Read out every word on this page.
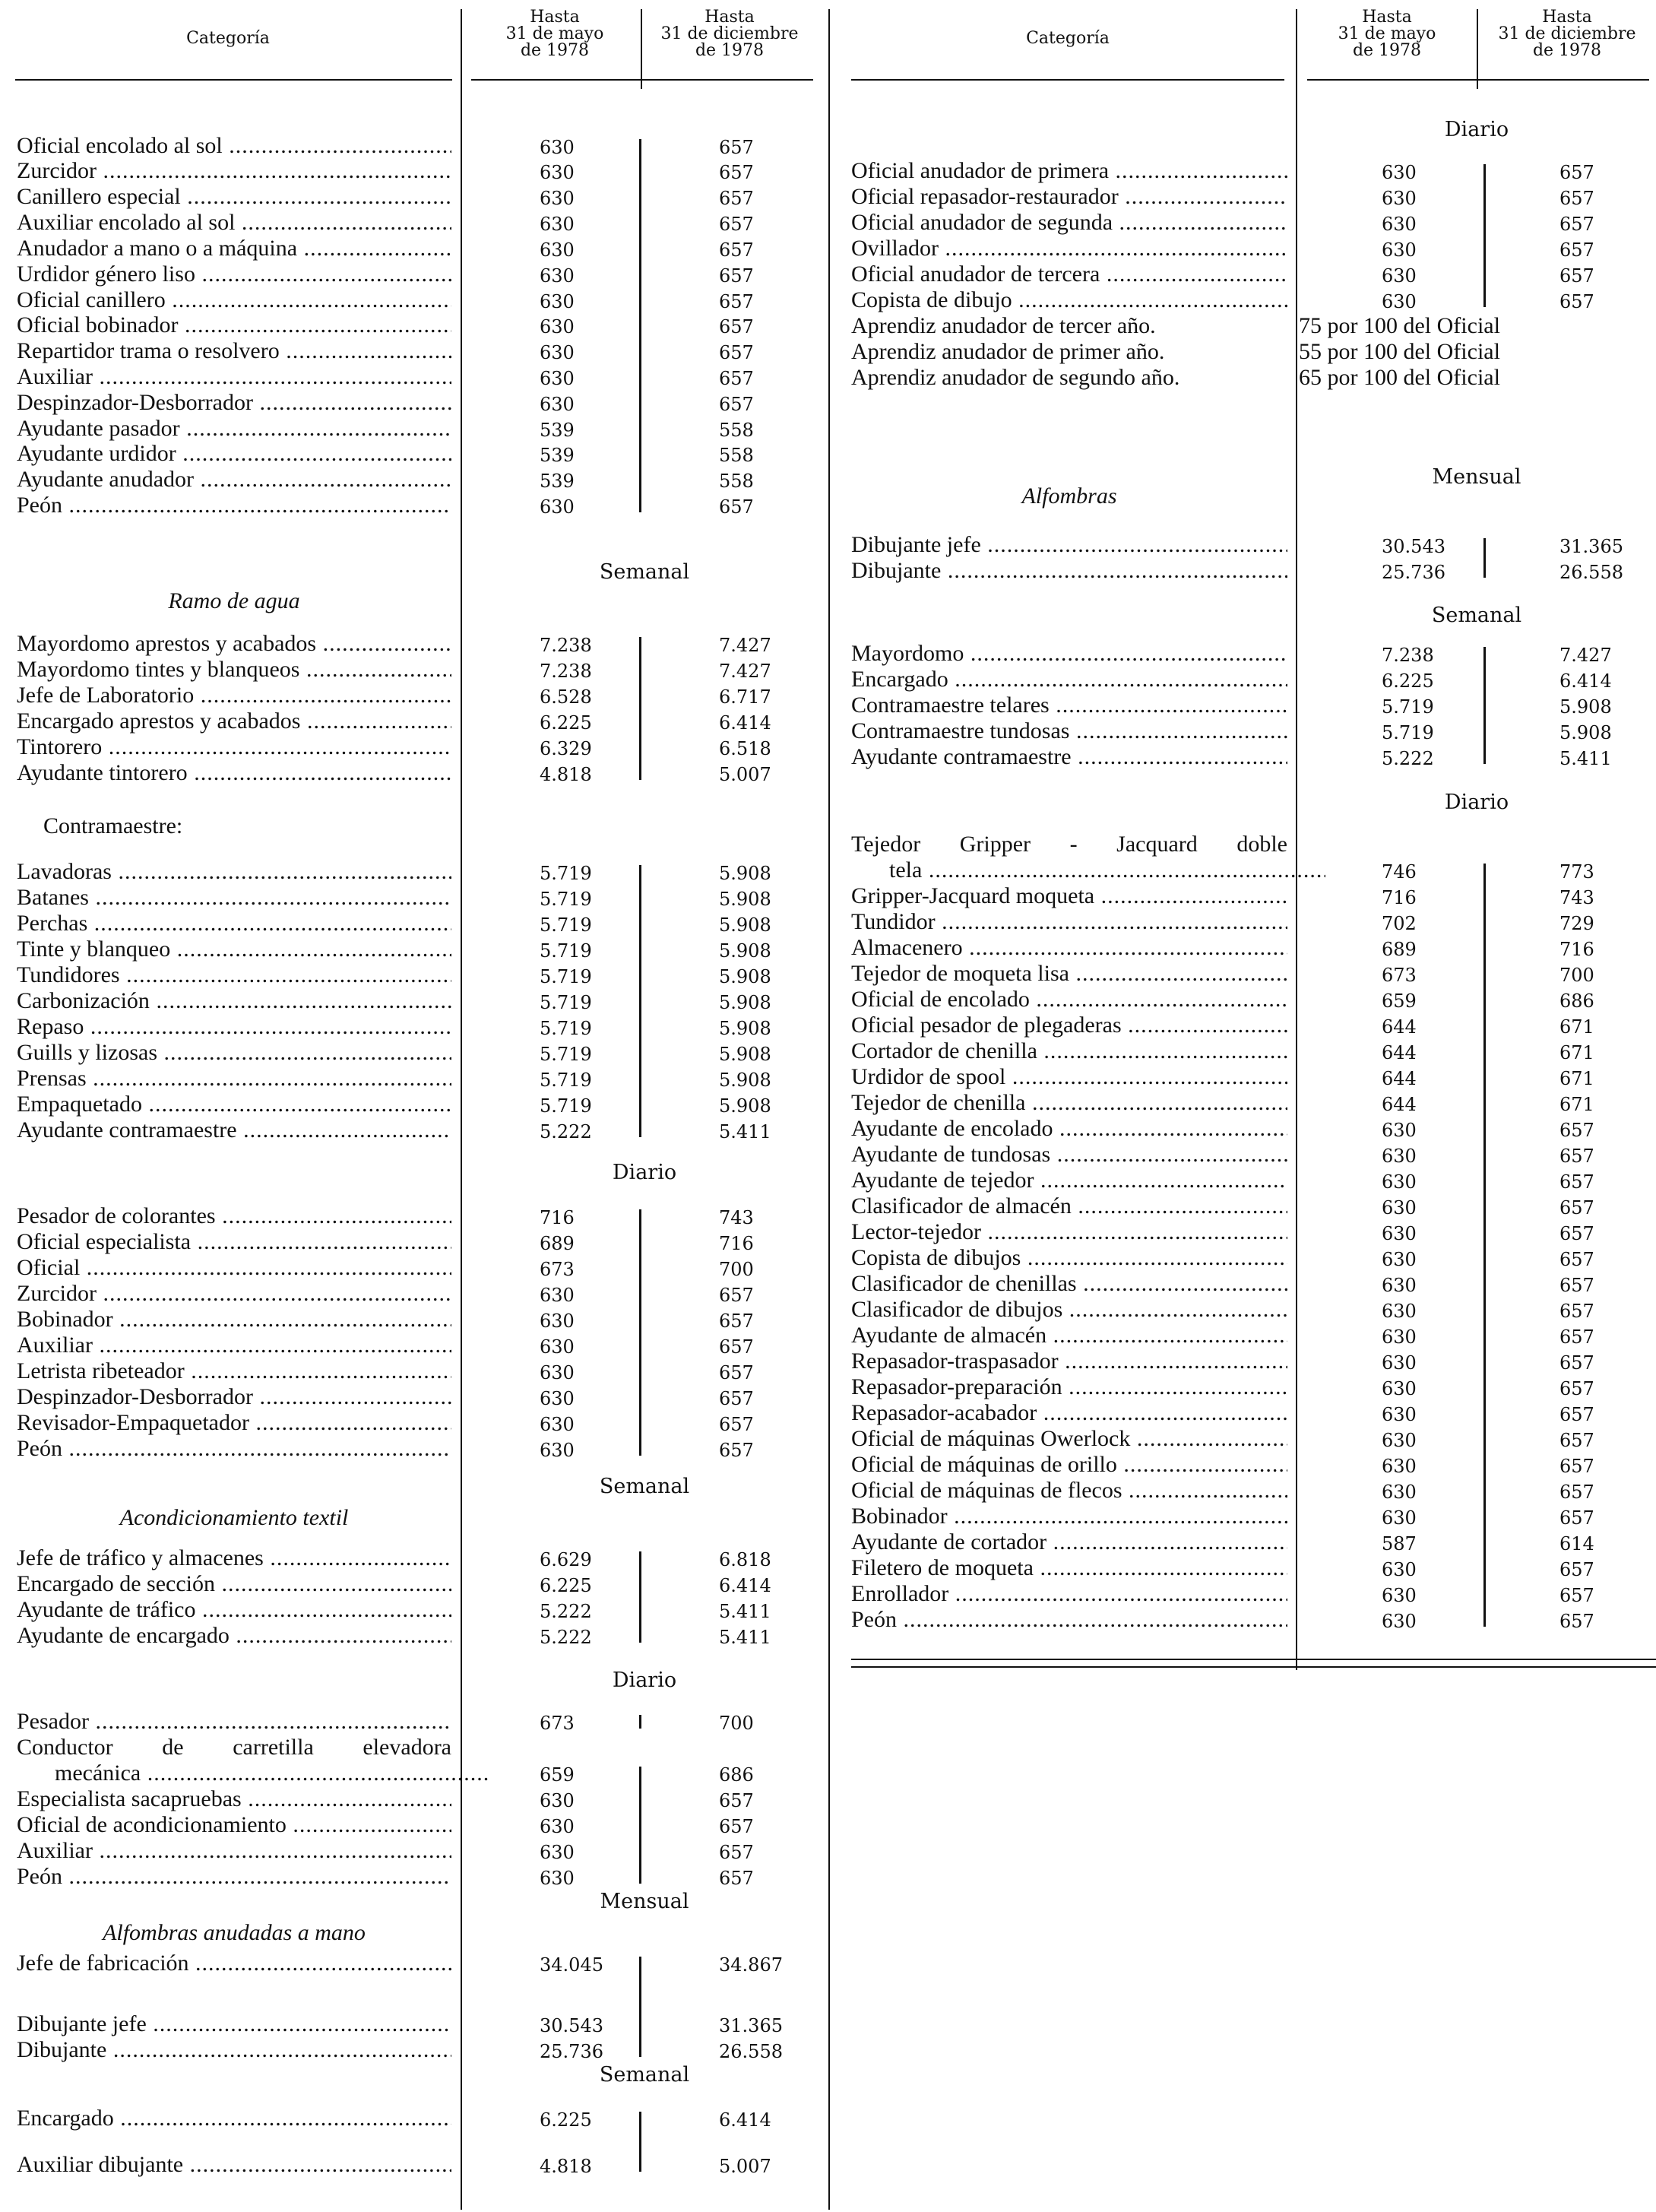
Categoría
Hasta
31 de mayo
de 1978
Hasta
31 de diciembre
de 1978
Categoría
Hasta
31 de mayo
de 1978
Hasta
31 de diciembre
de 1978
Oficial encolado al sol .....	630	657
Zurcidor .....	630	657
Canillero especial .....	630	657
Auxiliar encolado al sol .....	630	657
Anudador a mano o a máquina .....	630	657
Urdidor género liso .....	630	657
Oficial canillero .....	630	657
Oficial bobinador .....	630	657
Repartidor trama o resolvero .....	630	657
Auxiliar .....	630	657
Despinzador-Desborrador .....	630	657
Ayudante pasador .....	539	558
Ayudante urdidor .....	539	558
Ayudante anudador .....	539	558
Peón .....	630	657
Semanal
Ramo de agua
Mayordomo aprestos y acabados .....	7.238	7.427
Mayordomo tintes y blanqueos .....	7.238	7.427
Jefe de Laboratorio .....	6.528	6.717
Encargado aprestos y acabados .....	6.225	6.414
Tintorero .....	6.329	6.518
Ayudante tintorero .....	4.818	5.007
Contramaestre:
Lavadoras .....	5.719	5.908
Batanes .....	5.719	5.908
Perchas .....	5.719	5.908
Tinte y blanqueo .....	5.719	5.908
Tundidores .....	5.719	5.908
Carbonización .....	5.719	5.908
Repaso .....	5.719	5.908
Guills y lizosas .....	5.719	5.908
Prensas .....	5.719	5.908
Empaquetado .....	5.719	5.908
Ayudante contramaestre .....	5.222	5.411
Diario
Pesador de colorantes .....	716	743
Oficial especialista .....	689	716
Oficial .....	673	700
Zurcidor .....	630	657
Bobinador .....	630	657
Auxiliar .....	630	657
Letrista ribeteador .....	630	657
Despinzador-Desborrador .....	630	657
Revisador-Empaquetador .....	630	657
Peón .....	630	657
Semanal
Acondicionamiento textil
Jefe de tráfico y almacenes .....	6.629	6.818
Encargado de sección .....	6.225	6.414
Ayudante de tráfico .....	5.222	5.411
Ayudante de encargado .....	5.222	5.411
Diario
Pesador .....	673	700
Conductor de carretilla elevadora
mecánica .....	659	686
Especialista sacapruebas .....	630	657
Oficial de acondicionamiento .....	630	657
Auxiliar .....	630	657
Peón .....	630	657
Mensual
Alfombras anudadas a mano
Jefe de fabricación .....	34.045	34.867
Dibujante jefe .....	30.543	31.365
Dibujante .....	25.736	26.558
Semanal
Encargado .....	6.225	6.414
Auxiliar dibujante .....	4.818	5.007
Diario
Oficial anudador de primera .....	630	657
Oficial repasador-restaurador .....	630	657
Oficial anudador de segunda .....	630	657
Ovillador .....	630	657
Oficial anudador de tercera .....	630	657
Copista de dibujo .....	630	657
Aprendiz anudador de tercer año.	75 por 100 del Oficial
Aprendiz anudador de primer año.	55 por 100 del Oficial
Aprendiz anudador de segundo año.	65 por 100 del Oficial
Mensual
Alfombras
Dibujante jefe .....	30.543	31.365
Dibujante .....	25.736	26.558
Semanal
Mayordomo .....	7.238	7.427
Encargado .....	6.225	6.414
Contramaestre telares .....	5.719	5.908
Contramaestre tundosas .....	5.719	5.908
Ayudante contramaestre .....	5.222	5.411
Diario
Tejedor Gripper - Jacquard doble
tela .....	746	773
Gripper-Jacquard moqueta .....	716	743
Tundidor .....	702	729
Almacenero .....	689	716
Tejedor de moqueta lisa .....	673	700
Oficial de encolado .....	659	686
Oficial pesador de plegaderas .....	644	671
Cortador de chenilla .....	644	671
Urdidor de spool .....	644	671
Tejedor de chenilla .....	644	671
Ayudante de encolado .....	630	657
Ayudante de tundosas .....	630	657
Ayudante de tejedor .....	630	657
Clasificador de almacén .....	630	657
Lector-tejedor .....	630	657
Copista de dibujos .....	630	657
Clasificador de chenillas .....	630	657
Clasificador de dibujos .....	630	657
Ayudante de almacén .....	630	657
Repasador-traspasador .....	630	657
Repasador-preparación .....	630	657
Repasador-acabador .....	630	657
Oficial de máquinas Owerlock .....	630	657
Oficial de máquinas de orillo .....	630	657
Oficial de máquinas de flecos .....	630	657
Bobinador .....	630	657
Ayudante de cortador .....	587	614
Filetero de moqueta .....	630	657
Enrollador .....	630	657
Peón .....	630	657
